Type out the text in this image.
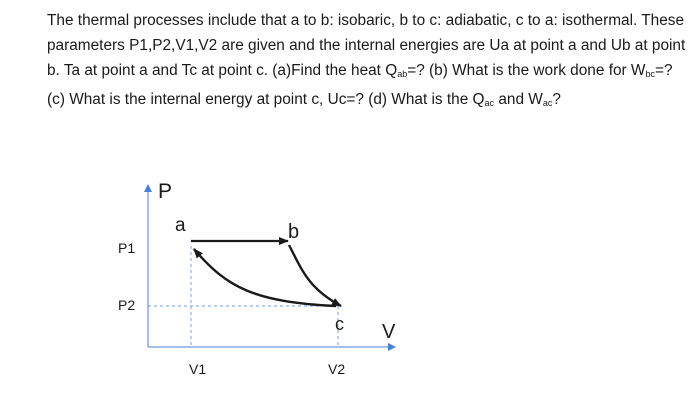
The thermal processes include that a to b: isobaric, b to c: adiabatic, c to a: isothermal. These parameters P1,P2,V1,V2 are given and the internal energies are Ua at point a and Ub at point b. Ta at point a and Tc at point c. (a)Find the heat $Q_{ab}=$? (b) What is the work done for $W_{bc}=$? (c) What is the internal energy at point c, Uc=? (d) What is the $Q_{ac}$ and $W_{ac}$?

P
V
P1
P2
V1	V2
a	b
c
